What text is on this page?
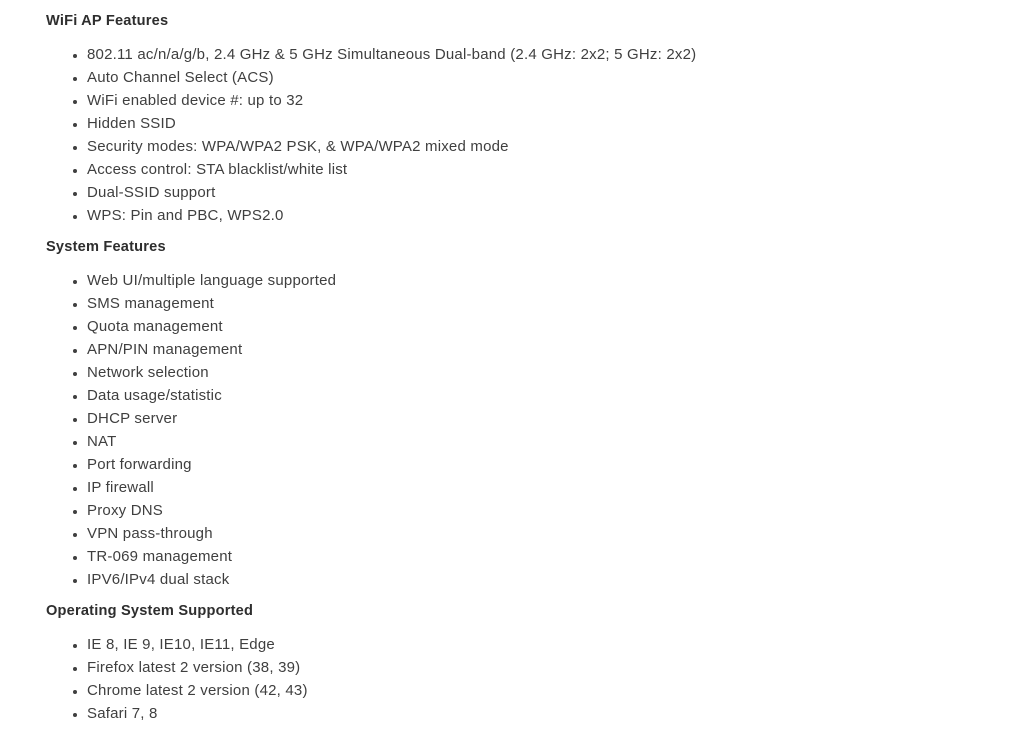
WiFi AP Features
• 802.11 ac/n/a/g/b, 2.4 GHz & 5 GHz Simultaneous Dual-band (2.4 GHz: 2x2; 5 GHz: 2x2)
• Auto Channel Select (ACS)
• WiFi enabled device #: up to 32
• Hidden SSID
• Security modes: WPA/WPA2 PSK, & WPA/WPA2 mixed mode
• Access control: STA blacklist/white list
• Dual-SSID support
• WPS: Pin and PBC, WPS2.0
System Features
• Web UI/multiple language supported
• SMS management
• Quota management
• APN/PIN management
• Network selection
• Data usage/statistic
• DHCP server
• NAT
• Port forwarding
• IP firewall
• Proxy DNS
• VPN pass-through
• TR-069 management
• IPV6/IPv4 dual stack
Operating System Supported
• IE 8, IE 9, IE10, IE11, Edge
• Firefox latest 2 version (38, 39)
• Chrome latest 2 version (42, 43)
• Safari 7, 8
